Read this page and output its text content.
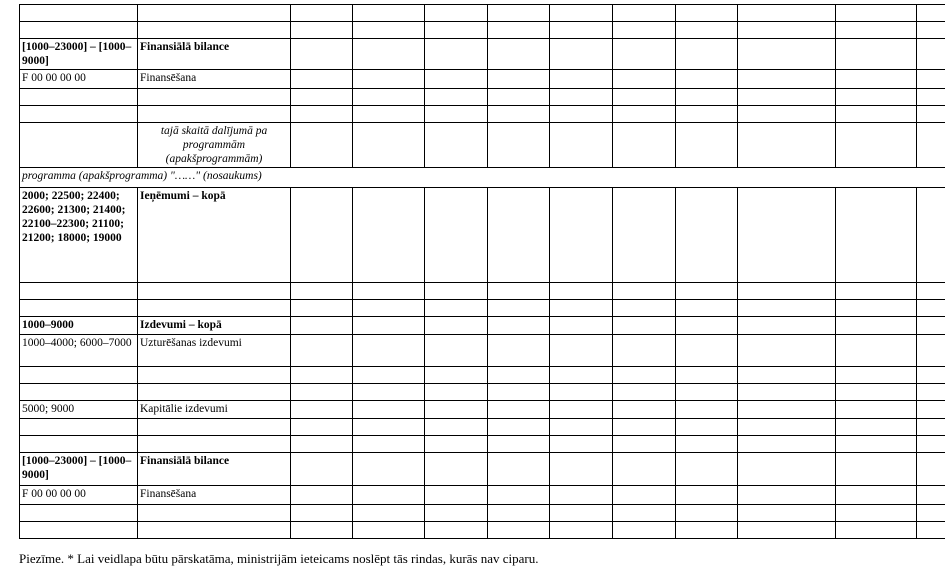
[1000–23000] – [1000–9000]	Finansiālā bilance										
F 00 00 00 00	Finansēšana										

	tajā skaitā dalījumā pa programmām (apakšprogrammām)										
programma (apakšprogramma) "……" (nosaukums)											
2000; 22500; 22400; 22600; 21300; 21400; 22100–22300; 21100; 21200; 18000; 19000	Ieņēmumi – kopā										

1000–9000	Izdevumi – kopā										
1000–4000; 6000–7000	Uzturēšanas izdevumi										

5000; 9000	Kapitālie izdevumi										

[1000–23000] – [1000–9000]	Finansiālā bilance										
F 00 00 00 00	Finansēšana										

Piezīme. * Lai veidlapa būtu pārskatāma, ministrijām ieteicams noslēpt tās rindas, kurās nav ciparu.
